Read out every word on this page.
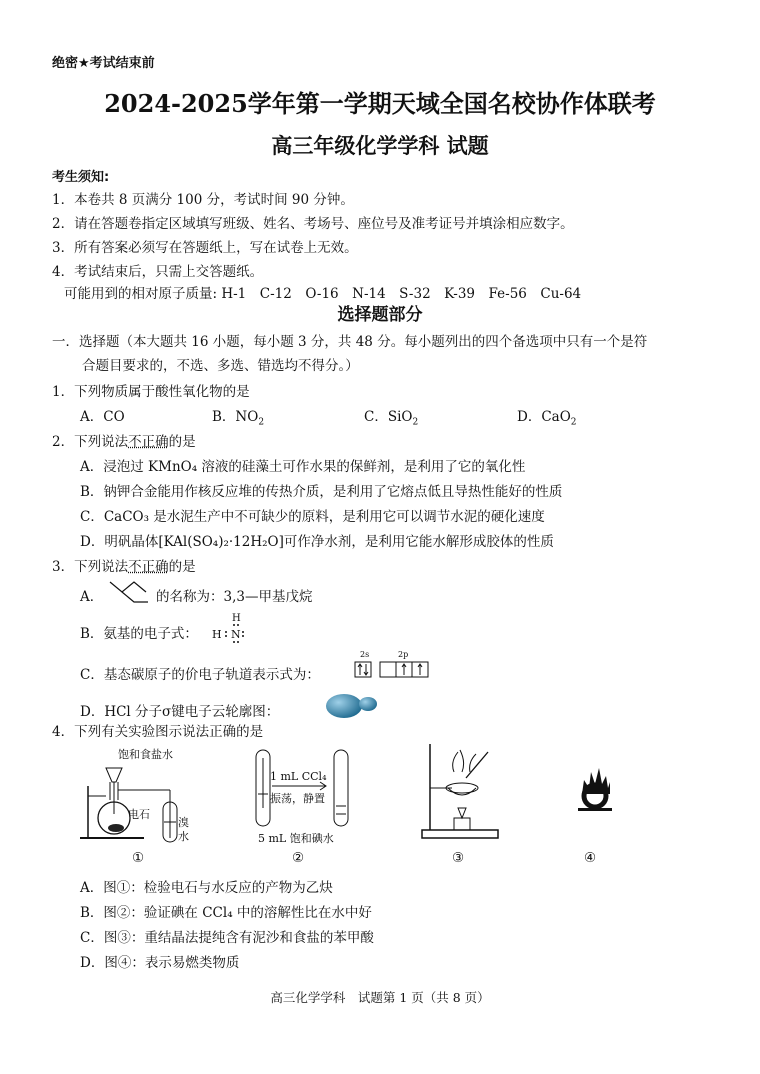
绝密★考试结束前
2024-2025学年第一学期天域全国名校协作体联考
高三年级化学学科 试题
考生须知:
1．本卷共 8 页满分 100 分，考试时间 90 分钟。
2．请在答题卷指定区域填写班级、姓名、考场号、座位号及准考证号并填涂相应数字。
3．所有答案必须写在答题纸上，写在试卷上无效。
4．考试结束后，只需上交答题纸。
可能用到的相对原子质量: H-1　C-12　O-16　N-14　S-32　K-39　Fe-56　Cu-64
选择题部分
一．选择题（本大题共 16 小题，每小题 3 分，共 48 分。每小题列出的四个备选项中只有一个是符
合题目要求的，不选、多选、错选均不得分。）
1．下列物质属于酸性氧化物的是
A．CO	B．$NO_2$	C．SiO$_2$	D．CaO$_2$
2．下列说法不正确的是
A．浸泡过 KMnO₄ 溶液的硅藻土可作水果的保鲜剂，是利用了它的氧化性
B．钠钾合金能用作核反应堆的传热介质，是利用了它熔点低且导热性能好的性质
C．CaCO₃ 是水泥生产中不可缺少的原料，是利用它可以调节水泥的硬化速度
D．明矾晶体[KAl(SO₄)₂·12H₂O]可作净水剂，是利用它能水解形成胶体的性质
3．下列说法不正确的是
A．	的名称为：3,3—甲基戊烷
B．氨基的电子式：
H
H N
C．基态碳原子的价电子轨道表示式为：
2s	2p
D．HCl 分子σ键电子云轮廓图：
4．下列有关实验图示说法正确的是
饱和食盐水
电石
溴
水
1 mL CCl₄
振荡，静置
5 mL 饱和碘水
①	②	③	④
A．图①：检验电石与水反应的产物为乙炔
B．图②：验证碘在 CCl₄ 中的溶解性比在水中好
C．图③：重结晶法提纯含有泥沙和食盐的苯甲酸
D．图④：表示易燃类物质
高三化学学科　试题第 1 页（共 8 页）
